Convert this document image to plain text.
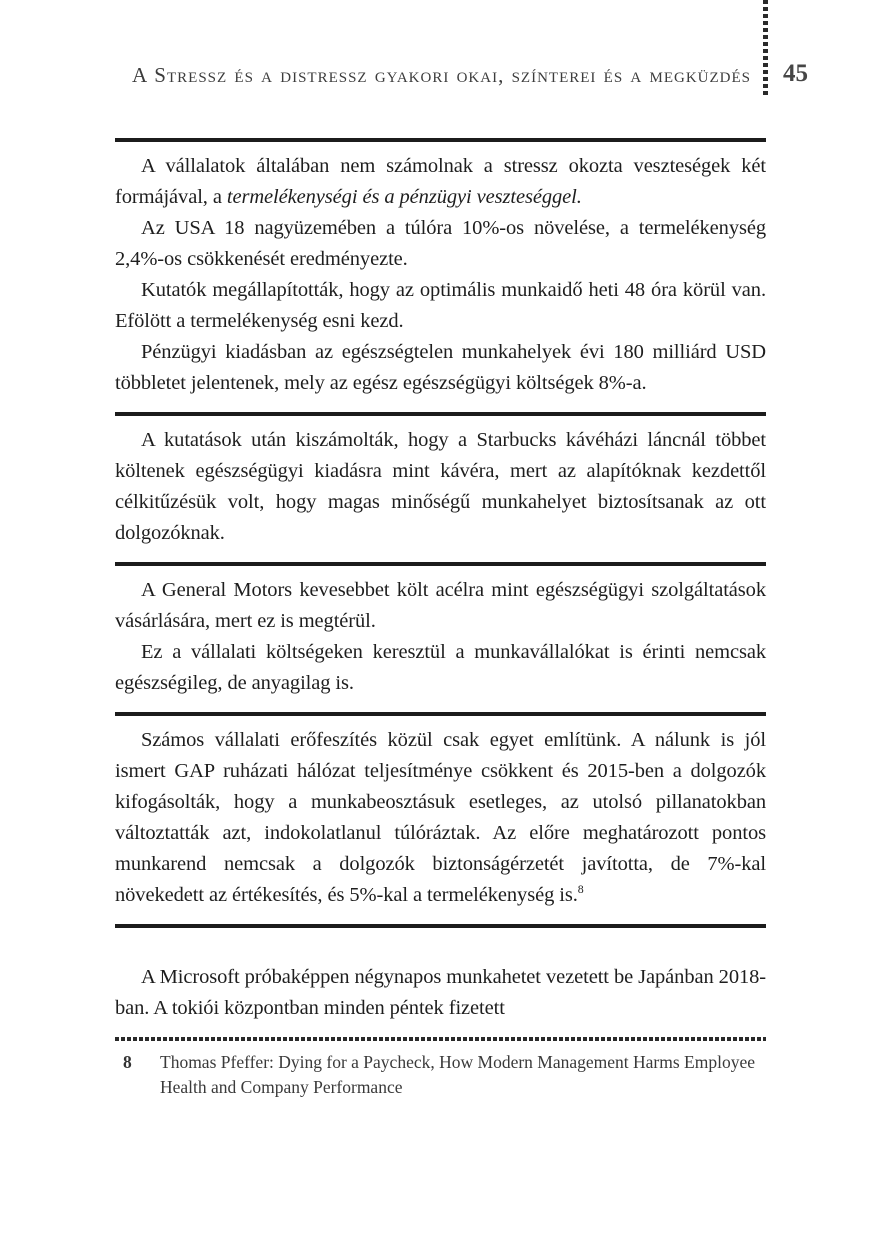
A Stressz és a distressz gyakori okai, színterei és a megküzdés 45

A vállalatok általában nem számolnak a stressz okozta veszteségek két formájával, a termelékenységi és a pénzügyi veszteséggel.

Az USA 18 nagyüzemében a túlóra 10%-os növelése, a termelékenység 2,4%-os csökkenését eredményezte.

Kutatók megállapították, hogy az optimális munkaidő heti 48 óra körül van. Efölött a termelékenység esni kezd.

Pénzügyi kiadásban az egészségtelen munkahelyek évi 180 milliárd USD többletet jelentenek, mely az egész egészségügyi költségek 8%-a.

A kutatások után kiszámolták, hogy a Starbucks kávéházi láncnál többet költenek egészségügyi kiadásra mint kávéra, mert az alapítóknak kezdettől célkitűzésük volt, hogy magas minőségű munkahelyet biztosítsanak az ott dolgozóknak.

A General Motors kevesebbet költ acélra mint egészségügyi szolgáltatások vásárlására, mert ez is megtérül.

Ez a vállalati költségeken keresztül a munkavállalókat is érinti nemcsak egészségileg, de anyagilag is.

Számos vállalati erőfeszítés közül csak egyet említünk. A nálunk is jól ismert GAP ruházati hálózat teljesítménye csökkent és 2015-ben a dolgozók kifogásolták, hogy a munkabeosztásuk esetleges, az utolsó pillanatokban változtatták azt, indokolatlanul túlóráztak. Az előre meghatározott pontos munkarend nemcsak a dolgozók biztonságérzetét javította, de 7%-kal növekedett az értékesítés, és 5%-kal a termelékenység is.$^8$

A Microsoft próbaképpen négynapos munkahetet vezetett be Japánban 2018-ban. A tokiói központban minden péntek fizetett

8	Thomas Pfeffer: Dying for a Paycheck, How Modern Management Harms Employee Health and Company Performance
